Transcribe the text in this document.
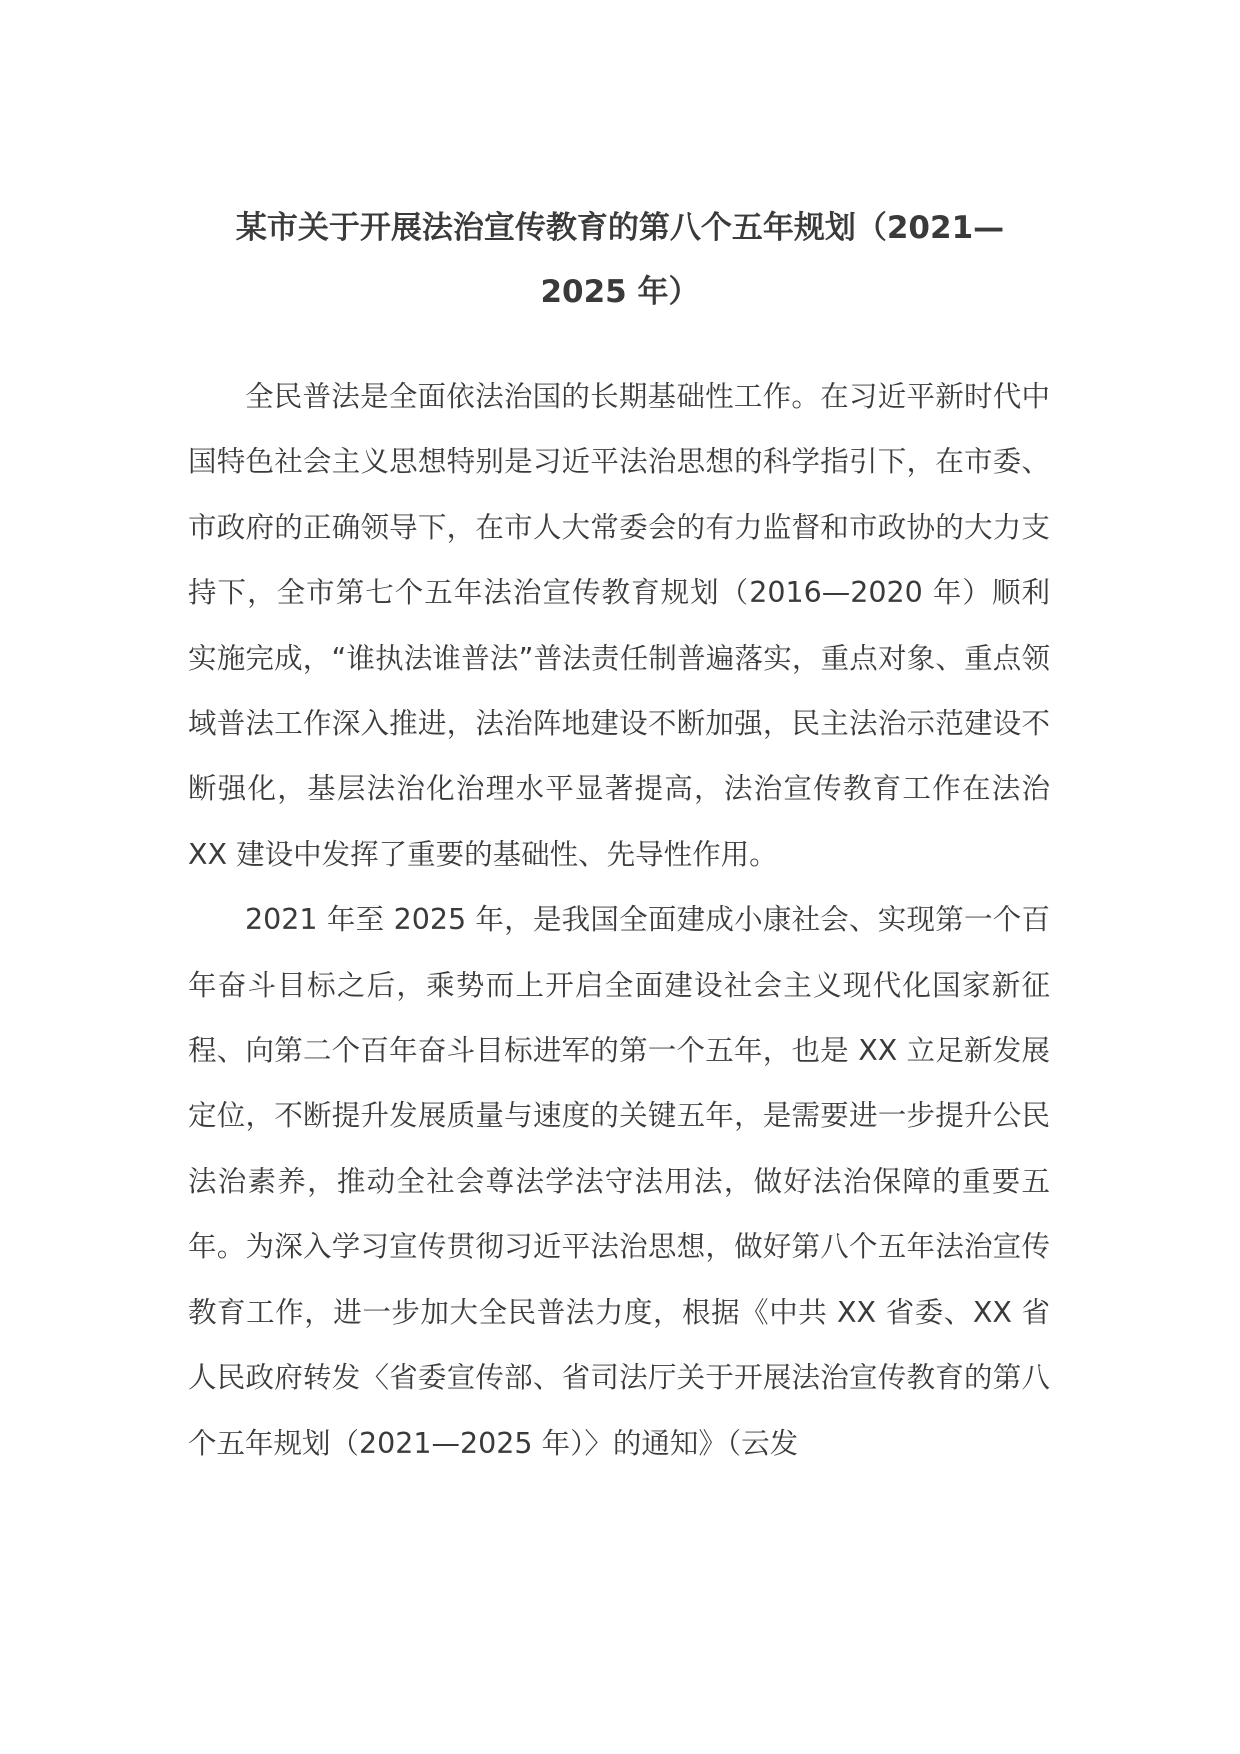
某市关于开展法治宣传教育的第八个五年规划（2021—
2025 年）

全民普法是全面依法治国的长期基础性工作。在习近平新时代中国特色社会主义思想特别是习近平法治思想的科学指引下，在市委、市政府的正确领导下，在市人大常委会的有力监督和市政协的大力支持下，全市第七个五年法治宣传教育规划（2016—2020 年）顺利实施完成，“谁执法谁普法”普法责任制普遍落实，重点对象、重点领域普法工作深入推进，法治阵地建设不断加强，民主法治示范建设不断强化，基层法治化治理水平显著提高，法治宣传教育工作在法治 XX 建设中发挥了重要的基础性、先导性作用。

2021 年至 2025 年，是我国全面建成小康社会、实现第一个百年奋斗目标之后，乘势而上开启全面建设社会主义现代化国家新征程、向第二个百年奋斗目标进军的第一个五年，也是 XX 立足新发展定位，不断提升发展质量与速度的关键五年，是需要进一步提升公民法治素养，推动全社会尊法学法守法用法，做好法治保障的重要五年。为深入学习宣传贯彻习近平法治思想，做好第八个五年法治宣传教育工作，进一步加大全民普法力度，根据《中共 XX 省委、XX 省人民政府转发〈省委宣传部、省司法厅关于开展法治宣传教育的第八个五年规划（2021—2025 年）〉的通知》（云发
